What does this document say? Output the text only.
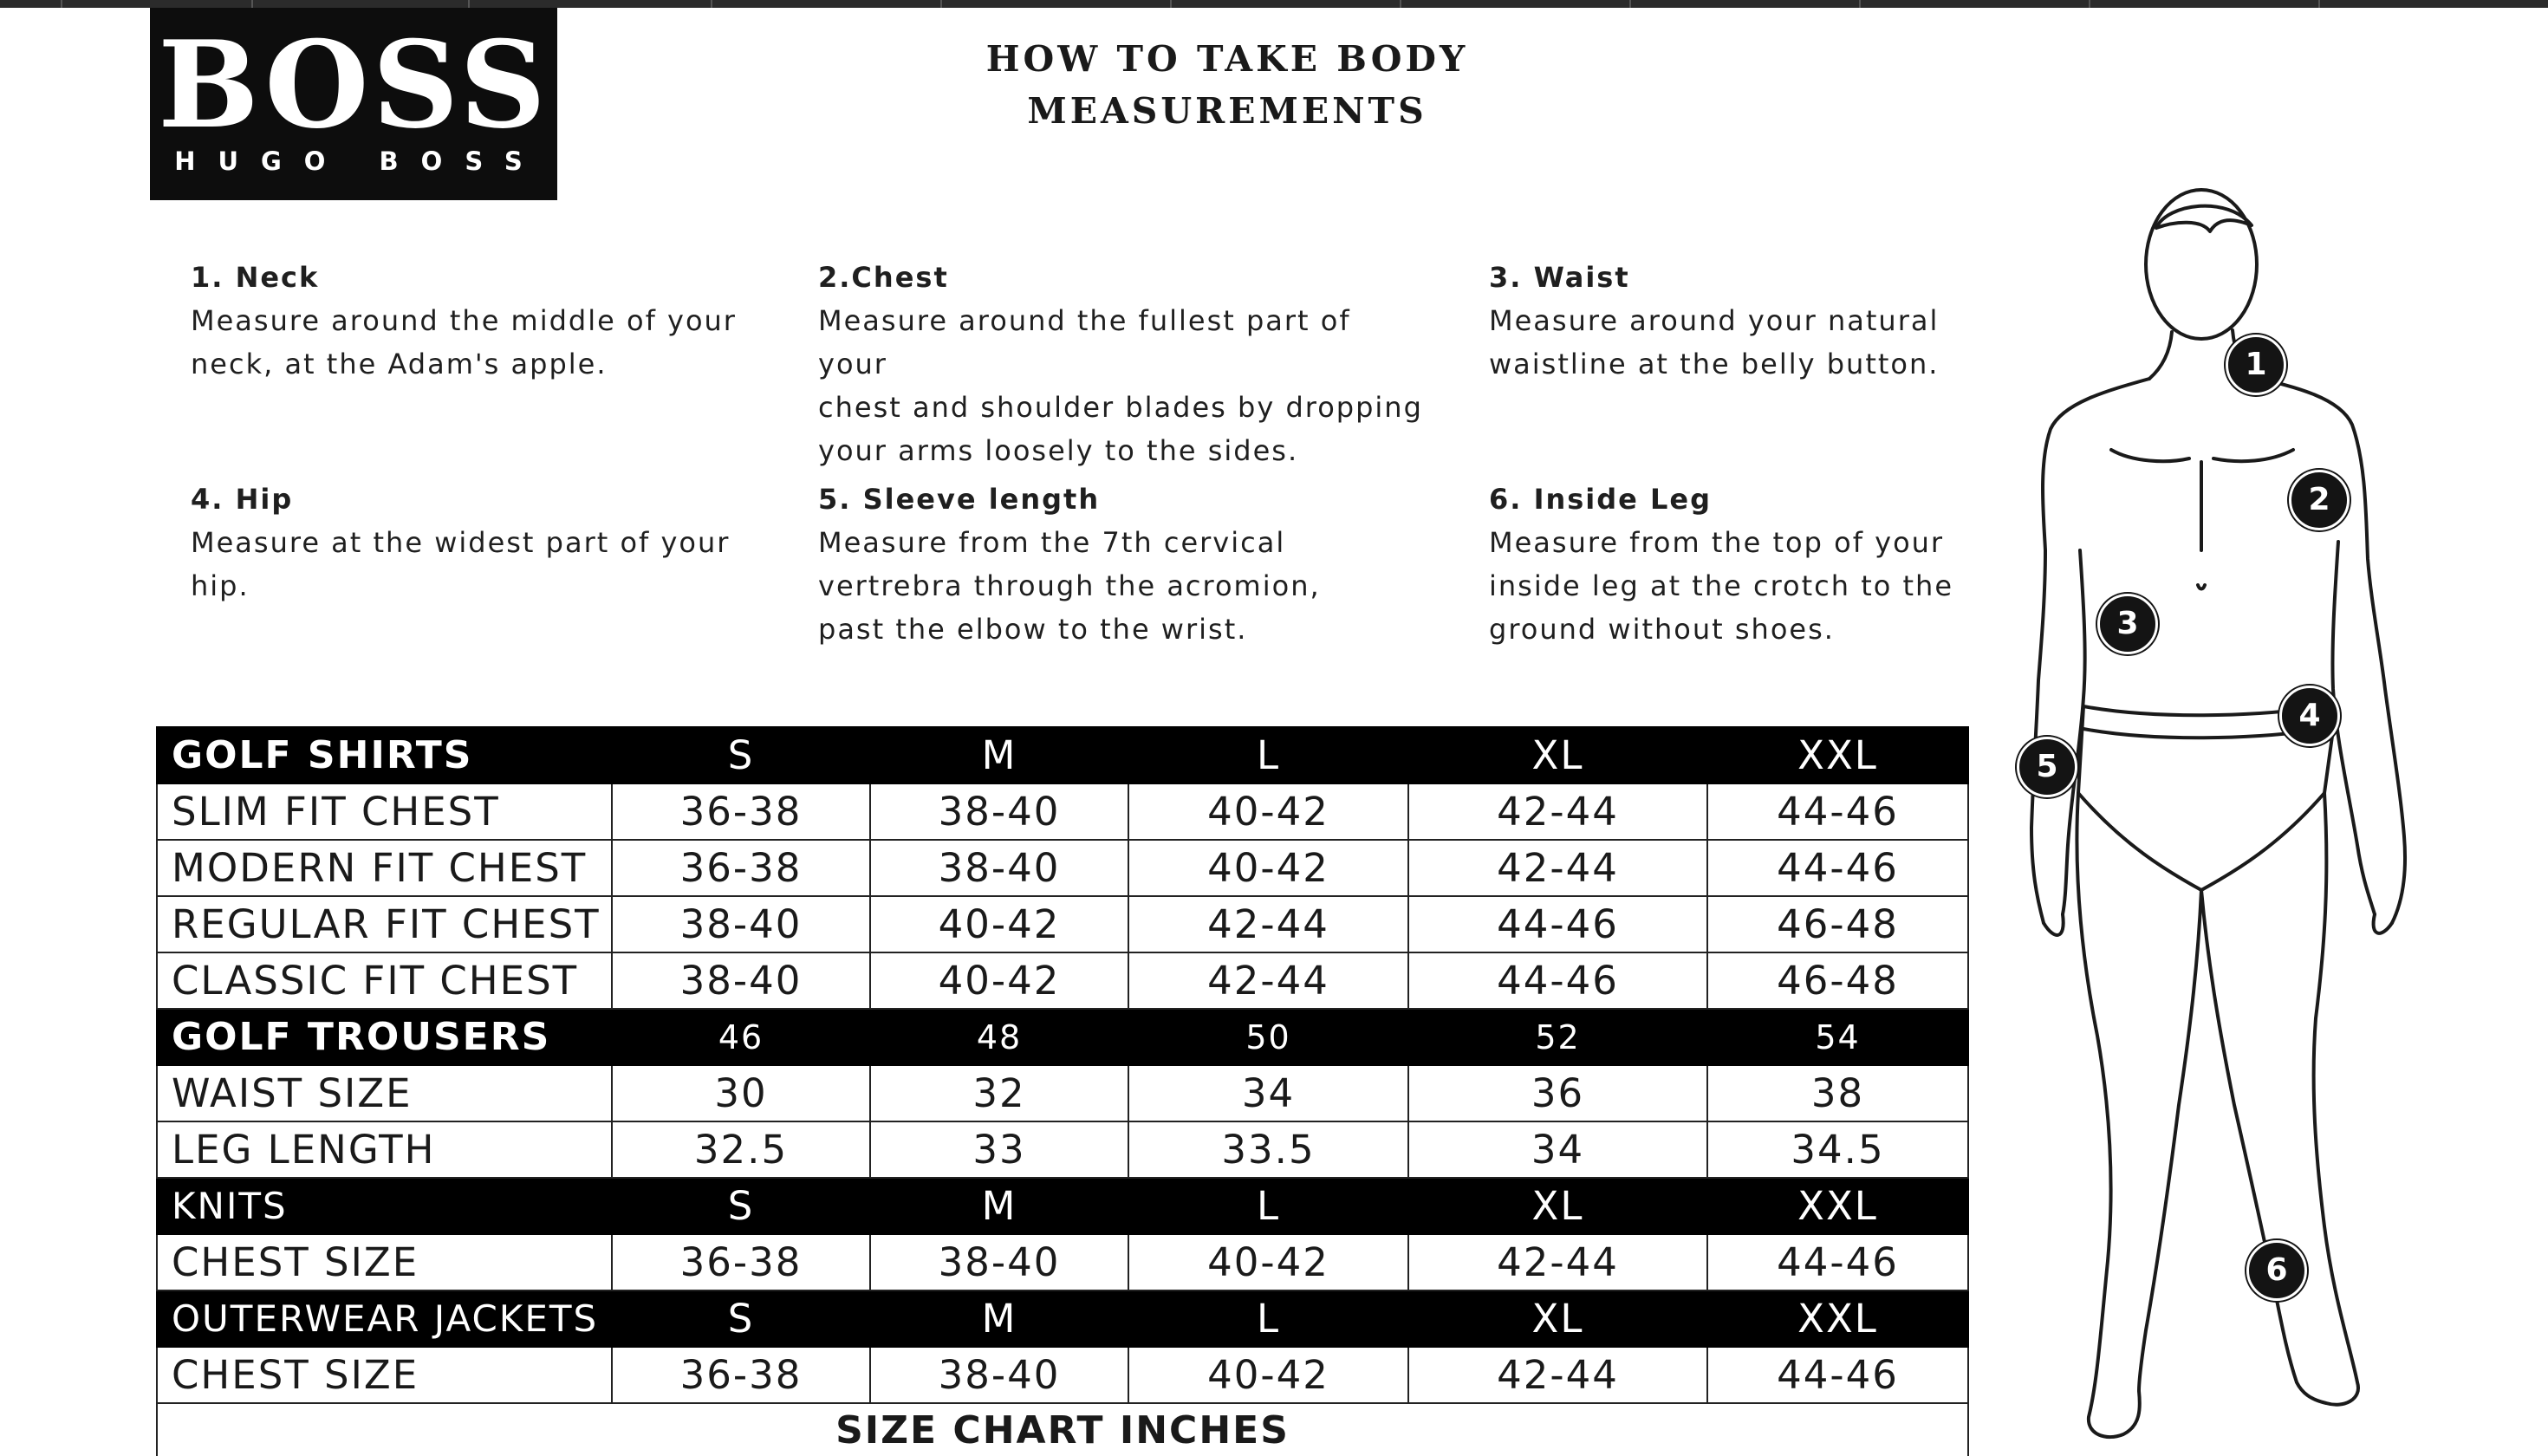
BOSS
HUGO BOSS
HOW TO TAKE BODY
MEASUREMENTS
1. Neck
Measure around the middle of your
neck, at the Adam's apple.
2.Chest
Measure around the fullest part of your
chest and shoulder blades by dropping
your arms loosely to the sides.
3. Waist
Measure around your natural
waistline at the belly button.
4. Hip
Measure at the widest part of your
hip.
5. Sleeve length
Measure from the 7th cervical
vertrebra through the acromion,
past the elbow to the wrist.
6. Inside Leg
Measure from the top of your
inside leg at the crotch to the
ground without shoes.
GOLF SHIRTS	S	M	L	XL	XXL
SLIM FIT CHEST	36-38	38-40	40-42	42-44	44-46
MODERN FIT CHEST	36-38	38-40	40-42	42-44	44-46
REGULAR FIT CHEST	38-40	40-42	42-44	44-46	46-48
CLASSIC FIT CHEST	38-40	40-42	42-44	44-46	46-48
GOLF TROUSERS	46	48	50	52	54
WAIST SIZE	30	32	34	36	38
LEG LENGTH	32.5	33	33.5	34	34.5
KNITS	S	M	L	XL	XXL
CHEST SIZE	36-38	38-40	40-42	42-44	44-46
OUTERWEAR JACKETS	S	M	L	XL	XXL
CHEST SIZE	36-38	38-40	40-42	42-44	44-46
SIZE CHART INCHES					
1
2
3
4
5
6
